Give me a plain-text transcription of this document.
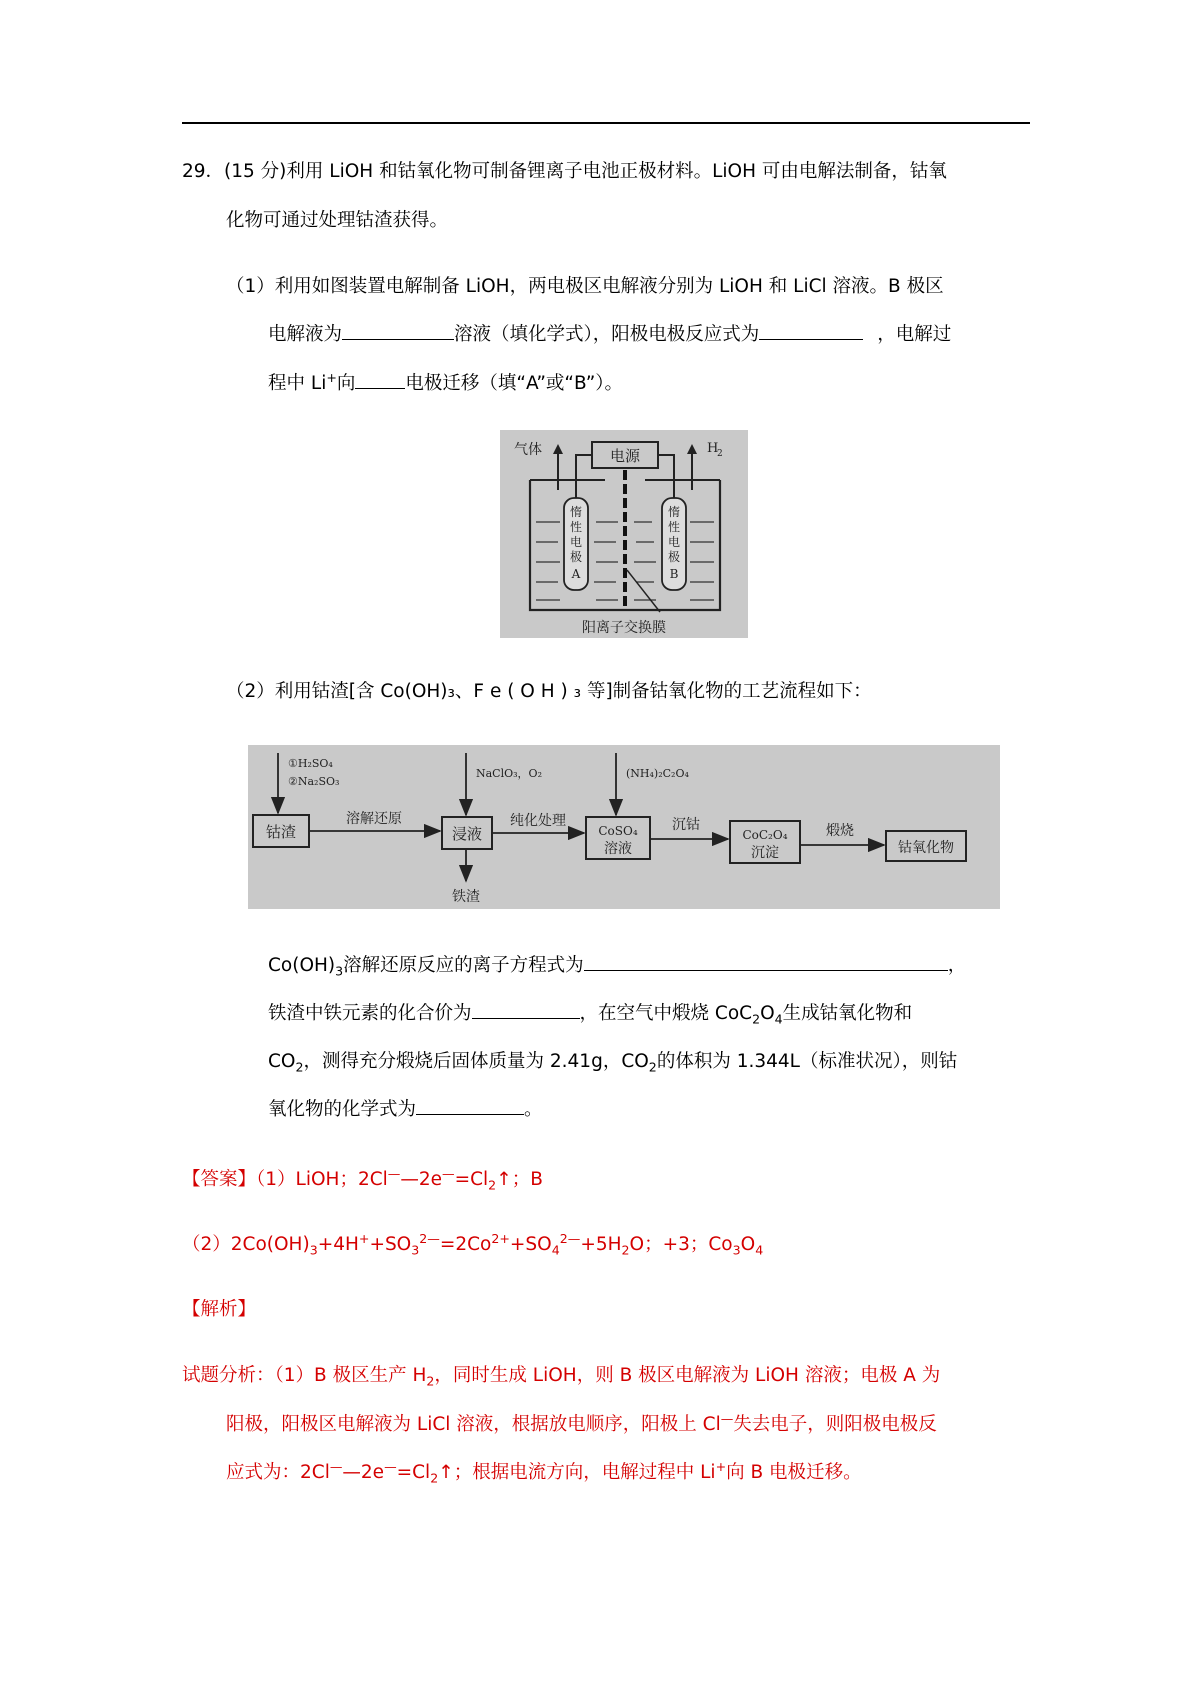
29．(15 分)利用 LiOH 和钴氧化物可制备锂离子电池正极材料。LiOH 可由电解法制备，钴氧
化物可通过处理钴渣获得。
（1）利用如图装置电解制备 LiOH，两电极区电解液分别为 LiOH 和 LiCl 溶液。B 极区
电解液为	溶液（填化学式），阳极电极反应式为	，电解过
程中 Li+向	电极迁移（填“A”或“B”）。
电源
气体	H
2
阳离子交换膜
惰
性
电
极
A
惰
性
电
极
B
（2）利用钴渣[含 Co(OH)₃、F e ( O H ) ₃ 等]制备钴氧化物的工艺流程如下：
①H₂SO₄
②Na₂SO₃
钴渣
溶解还原
NaClO₃，O₂
浸液
铁渣
纯化处理
(NH₄)₂C₂O₄
CoSO₄
溶液
沉钴
CoC₂O₄
沉淀
煅烧
钴氧化物
$Co(OH)_3$溶解还原反应的离子方程式为	，
铁渣中铁元素的化合价为	，在空气中煅烧 $CoC_2O_4$生成钴氧化物和
$CO_2$，测得充分煅烧后固体质量为 2.41g，$CO_2$的体积为 1.344L（标准状况），则钴
氧化物的化学式为	。
【答案】（1）LiOH；$2Cl^——2e^—=Cl_2↑$；B
$(2)2Co(OH)_3+4H^++SO_3^{2—}=2Co^{2+}+SO_4^{2—}+5H_2O$；+3；$Co_3O_4$
【解析】
试题分析：（1）B 极区生产 $H_2$，同时生成 LiOH，则 B 极区电解液为 LiOH 溶液；电极 A 为
阳极，阳极区电解液为 LiCl 溶液，根据放电顺序，阳极上 Cl—失去电子，则阳极电极反
应式为：$2Cl^——2e^—=Cl_2↑$；根据电流方向，电解过程中 Li+向 B 电极迁移。
